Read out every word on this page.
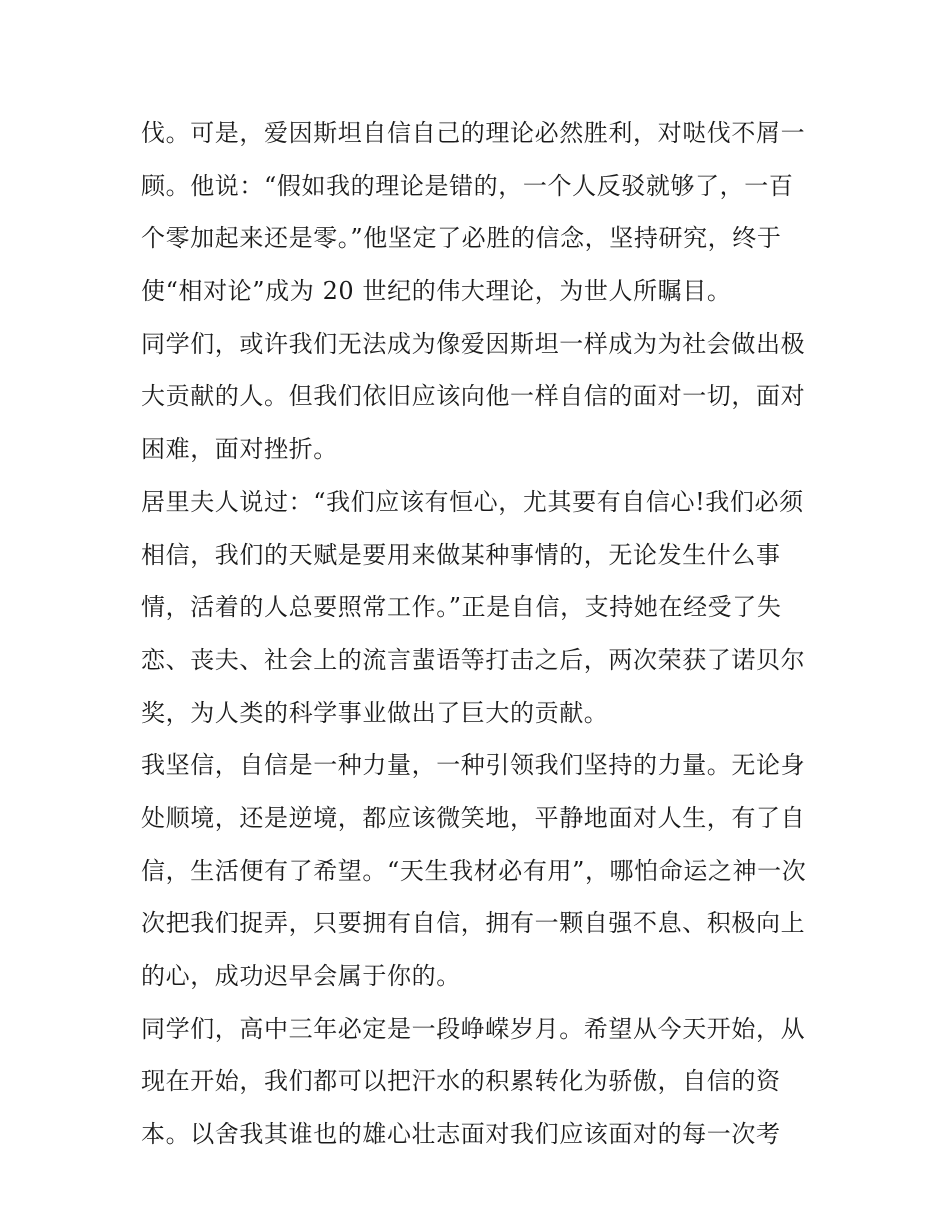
伐。可是，爱因斯坦自信自己的理论必然胜利，对哒伐不屑一
顾。他说：“假如我的理论是错的，一个人反驳就够了，一百
个零加起来还是零。”他坚定了必胜的信念，坚持研究，终于
使“相对论”成为 20 世纪的伟大理论，为世人所瞩目。
同学们，或许我们无法成为像爱因斯坦一样成为为社会做出极
大贡献的人。但我们依旧应该向他一样自信的面对一切，面对
困难，面对挫折。
居里夫人说过：“我们应该有恒心，尤其要有自信心!我们必须
相信，我们的天赋是要用来做某种事情的，无论发生什么事
情，活着的人总要照常工作。”正是自信，支持她在经受了失
恋、丧夫、社会上的流言蜚语等打击之后，两次荣获了诺贝尔
奖，为人类的科学事业做出了巨大的贡献。
我坚信，自信是一种力量，一种引领我们坚持的力量。无论身
处顺境，还是逆境，都应该微笑地，平静地面对人生，有了自
信，生活便有了希望。“天生我材必有用”，哪怕命运之神一次
次把我们捉弄，只要拥有自信，拥有一颗自强不息、积极向上
的心，成功迟早会属于你的。
同学们，高中三年必定是一段峥嵘岁月。希望从今天开始，从
现在开始，我们都可以把汗水的积累转化为骄傲，自信的资
本。以舍我其谁也的雄心壮志面对我们应该面对的每一次考
